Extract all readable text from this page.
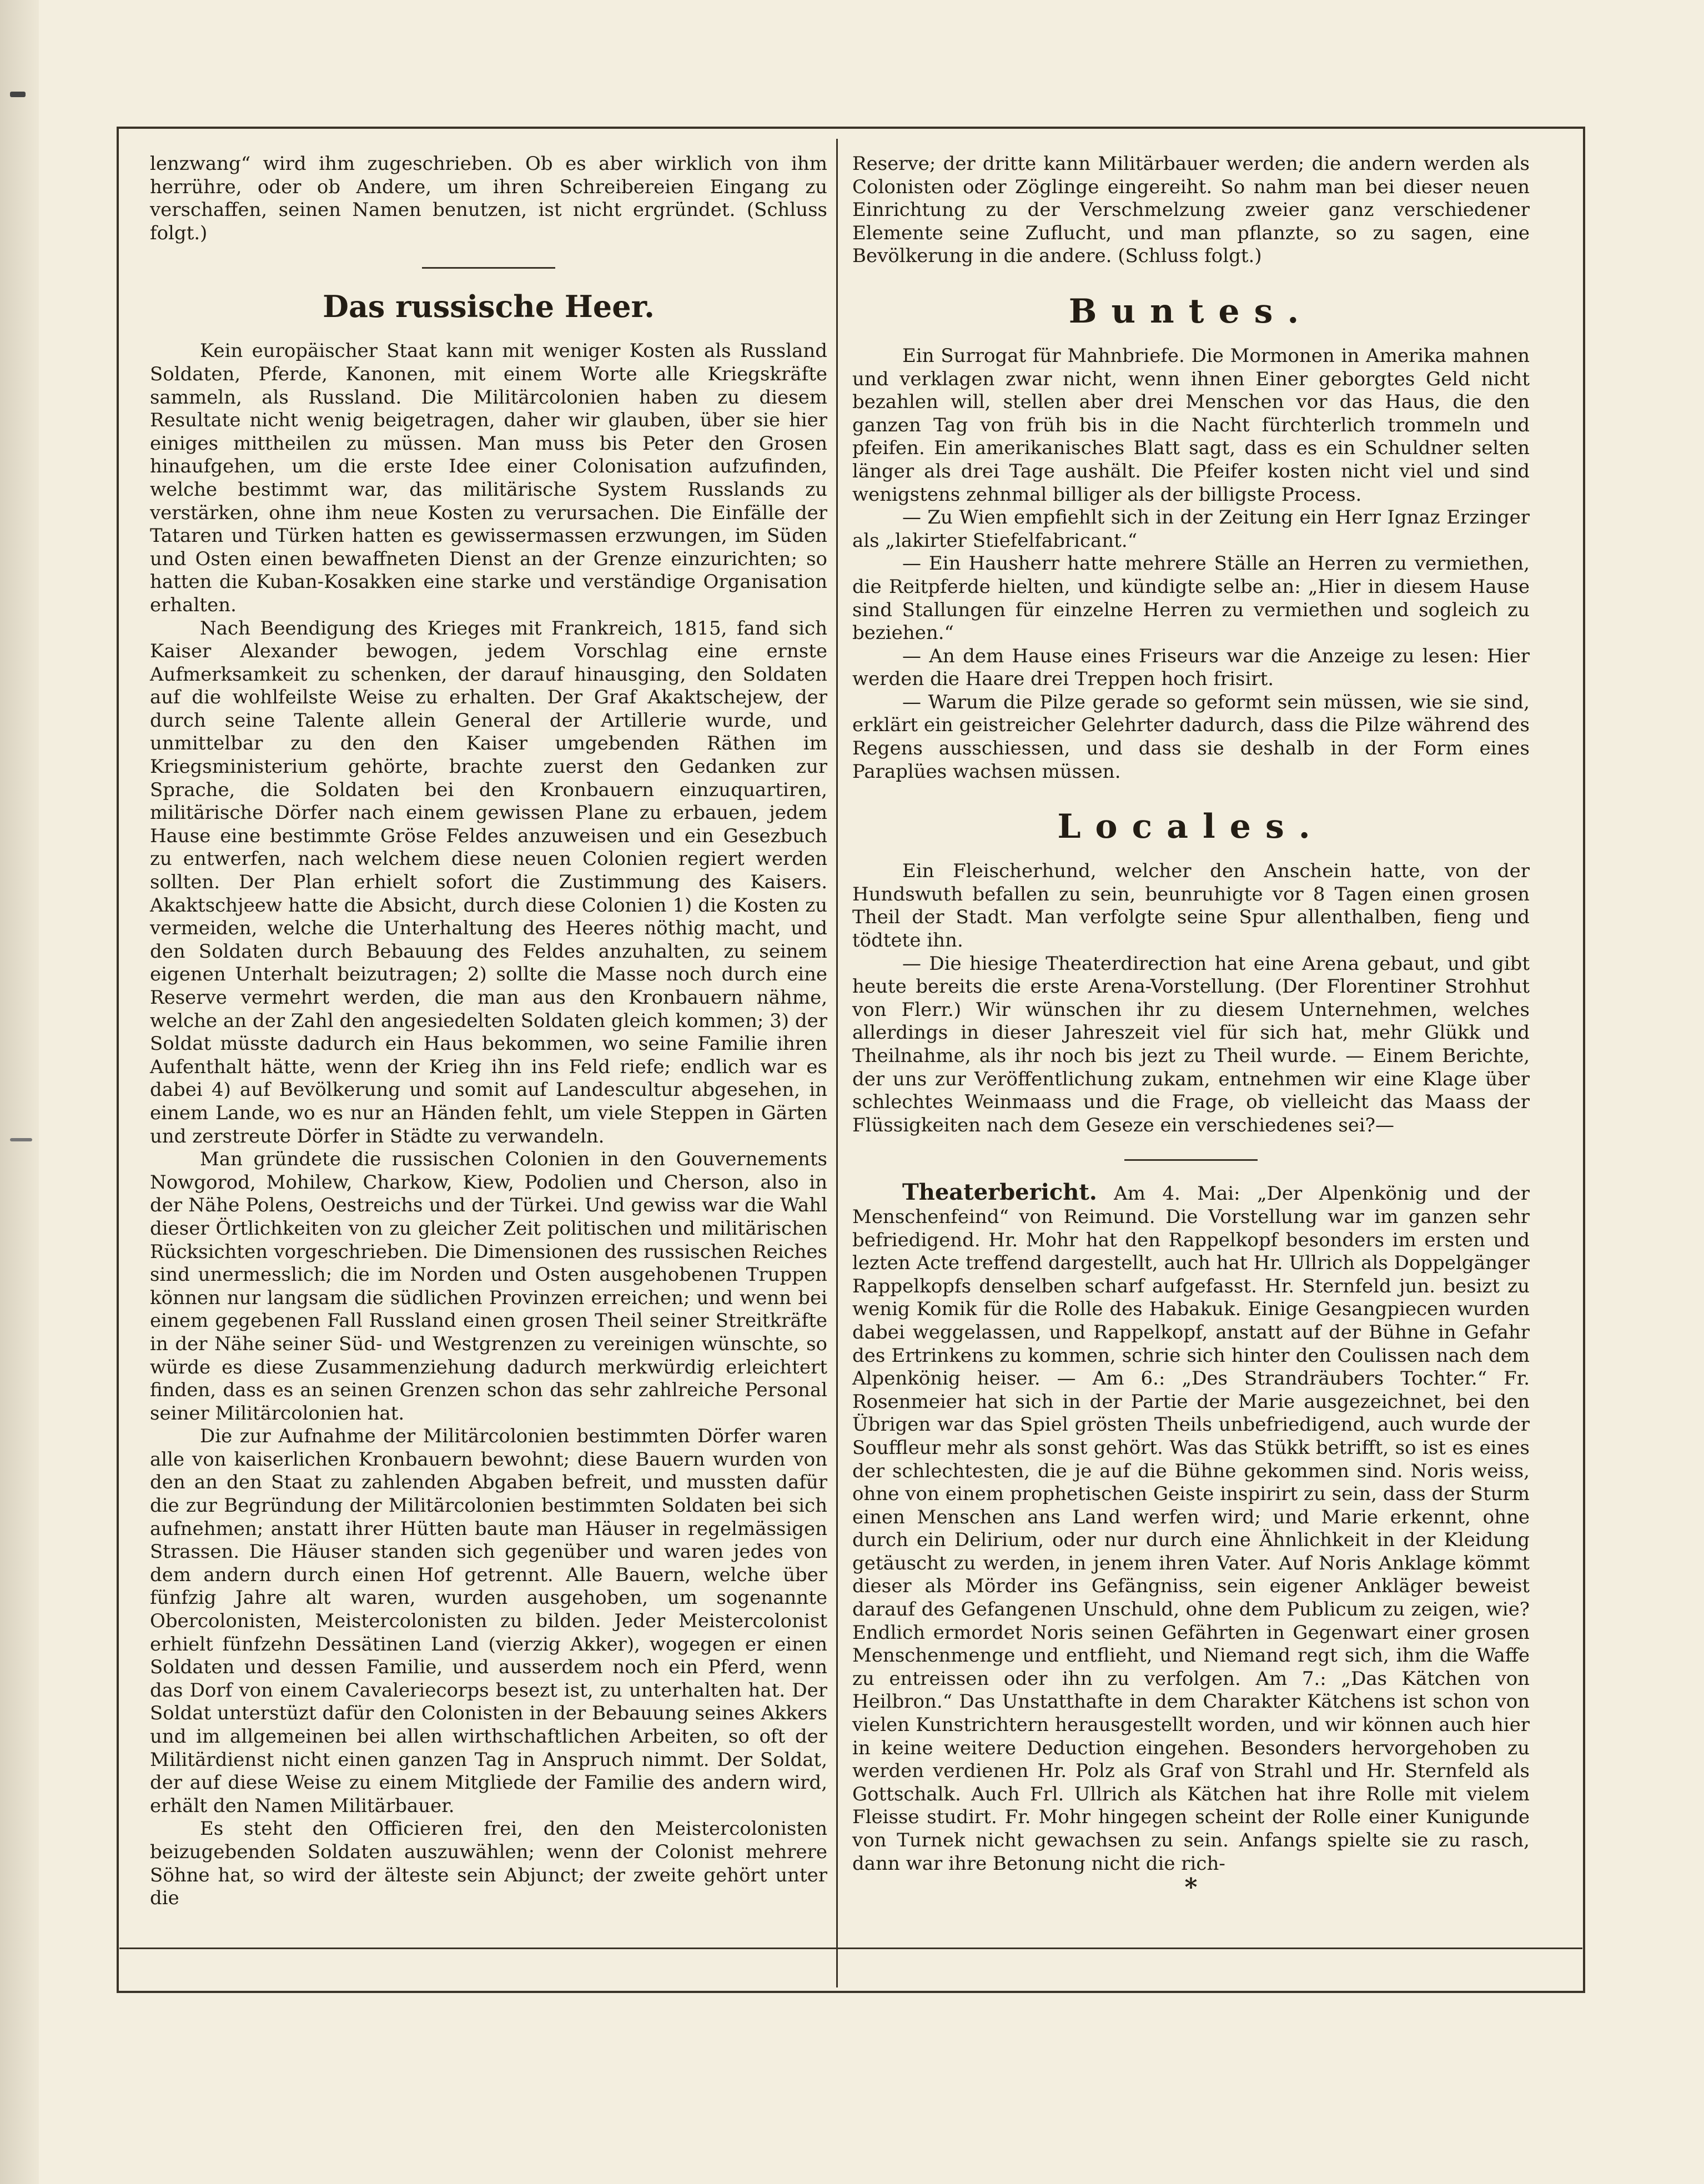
lenzwang“ wird ihm zugeschrieben. Ob es aber wirklich von ihm herrühre, oder ob Andere, um ihren Schreibereien Eingang zu verschaffen, seinen Namen benutzen, ist nicht ergründet. (Schluss folgt.)

Das russische Heer.

Kein europäischer Staat kann mit weniger Kosten als Russland Soldaten, Pferde, Kanonen, mit einem Worte alle Kriegskräfte sammeln, als Russland. Die Militärcolonien haben zu diesem Resultate nicht wenig beigetragen, daher wir glauben, über sie hier einiges mittheilen zu müssen. Man muss bis Peter den Grosen hinaufgehen, um die erste Idee einer Colonisation aufzufinden, welche bestimmt war, das militärische System Russlands zu verstärken, ohne ihm neue Kosten zu verursachen. Die Einfälle der Tataren und Türken hatten es gewissermassen erzwungen, im Süden und Osten einen bewaffneten Dienst an der Grenze einzurichten; so hatten die Kuban-Kosakken eine starke und verständige Organisation erhalten.

Nach Beendigung des Krieges mit Frankreich, 1815, fand sich Kaiser Alexander bewogen, jedem Vorschlag eine ernste Aufmerksamkeit zu schenken, der darauf hinausging, den Soldaten auf die wohlfeilste Weise zu erhalten. Der Graf Akaktschejew, der durch seine Talente allein General der Artillerie wurde, und unmittelbar zu den den Kaiser umgebenden Räthen im Kriegsministerium gehörte, brachte zuerst den Gedanken zur Sprache, die Soldaten bei den Kronbauern einzuquartiren, militärische Dörfer nach einem gewissen Plane zu erbauen, jedem Hause eine bestimmte Gröse Feldes anzuweisen und ein Gesezbuch zu entwerfen, nach welchem diese neuen Colonien regiert werden sollten. Der Plan erhielt sofort die Zustimmung des Kaisers. Akaktschjeew hatte die Absicht, durch diese Colonien 1) die Kosten zu vermeiden, welche die Unterhaltung des Heeres nöthig macht, und den Soldaten durch Bebauung des Feldes anzuhalten, zu seinem eigenen Unterhalt beizutragen; 2) sollte die Masse noch durch eine Reserve vermehrt werden, die man aus den Kronbauern nähme, welche an der Zahl den angesiedelten Soldaten gleich kommen; 3) der Soldat müsste dadurch ein Haus bekommen, wo seine Familie ihren Aufenthalt hätte, wenn der Krieg ihn ins Feld riefe; endlich war es dabei 4) auf Bevölkerung und somit auf Landescultur abgesehen, in einem Lande, wo es nur an Händen fehlt, um viele Steppen in Gärten und zerstreute Dörfer in Städte zu verwandeln.

Man gründete die russischen Colonien in den Gouvernements Nowgorod, Mohilew, Charkow, Kiew, Podolien und Cherson, also in der Nähe Polens, Oestreichs und der Türkei. Und gewiss war die Wahl dieser Örtlichkeiten von zu gleicher Zeit politischen und militärischen Rücksichten vorgeschrieben. Die Dimensionen des russischen Reiches sind unermesslich; die im Norden und Osten ausgehobenen Truppen können nur langsam die südlichen Provinzen erreichen; und wenn bei einem gegebenen Fall Russland einen grosen Theil seiner Streitkräfte in der Nähe seiner Süd- und Westgrenzen zu vereinigen wünschte, so würde es diese Zusammenziehung dadurch merkwürdig erleichtert finden, dass es an seinen Grenzen schon das sehr zahlreiche Personal seiner Militärcolonien hat.

Die zur Aufnahme der Militärcolonien bestimmten Dörfer waren alle von kaiserlichen Kronbauern bewohnt; diese Bauern wurden von den an den Staat zu zahlenden Abgaben befreit, und mussten dafür die zur Begründung der Militärcolonien bestimmten Soldaten bei sich aufnehmen; anstatt ihrer Hütten baute man Häuser in regelmässigen Strassen. Die Häuser standen sich gegenüber und waren jedes von dem andern durch einen Hof getrennt. Alle Bauern, welche über fünfzig Jahre alt waren, wurden ausgehoben, um sogenannte Obercolonisten, Meistercolonisten zu bilden. Jeder Meistercolonist erhielt fünfzehn Dessätinen Land (vierzig Akker), wogegen er einen Soldaten und dessen Familie, und ausserdem noch ein Pferd, wenn das Dorf von einem Cavaleriecorps besezt ist, zu unterhalten hat. Der Soldat unterstüzt dafür den Colonisten in der Bebauung seines Akkers und im allgemeinen bei allen wirthschaftlichen Arbeiten, so oft der Militärdienst nicht einen ganzen Tag in Anspruch nimmt. Der Soldat, der auf diese Weise zu einem Mitgliede der Familie des andern wird, erhält den Namen Militärbauer.

Es steht den Officieren frei, den den Meistercolonisten beizugebenden Soldaten auszuwählen; wenn der Colonist mehrere Söhne hat, so wird der älteste sein Abjunct; der zweite gehört unter die

Reserve; der dritte kann Militärbauer werden; die andern werden als Colonisten oder Zöglinge eingereiht. So nahm man bei dieser neuen Einrichtung zu der Verschmelzung zweier ganz verschiedener Elemente seine Zuflucht, und man pflanzte, so zu sagen, eine Bevölkerung in die andere. (Schluss folgt.)

Buntes.

Ein Surrogat für Mahnbriefe. Die Mormonen in Amerika mahnen und verklagen zwar nicht, wenn ihnen Einer geborgtes Geld nicht bezahlen will, stellen aber drei Menschen vor das Haus, die den ganzen Tag von früh bis in die Nacht fürchterlich trommeln und pfeifen. Ein amerikanisches Blatt sagt, dass es ein Schuldner selten länger als drei Tage aushält. Die Pfeifer kosten nicht viel und sind wenigstens zehnmal billiger als der billigste Process.

— Zu Wien empfiehlt sich in der Zeitung ein Herr Ignaz Erzinger als „lakirter Stiefelfabricant.“

— Ein Hausherr hatte mehrere Ställe an Herren zu vermiethen, die Reitpferde hielten, und kündigte selbe an: „Hier in diesem Hause sind Stallungen für einzelne Herren zu vermiethen und sogleich zu beziehen.“

— An dem Hause eines Friseurs war die Anzeige zu lesen: Hier werden die Haare drei Treppen hoch frisirt.

— Warum die Pilze gerade so geformt sein müssen, wie sie sind, erklärt ein geistreicher Gelehrter dadurch, dass die Pilze während des Regens ausschiessen, und dass sie deshalb in der Form eines Paraplües wachsen müssen.

Locales.

Ein Fleischerhund, welcher den Anschein hatte, von der Hundswuth befallen zu sein, beunruhigte vor 8 Tagen einen grosen Theil der Stadt. Man verfolgte seine Spur allenthalben, fieng und tödtete ihn.

— Die hiesige Theaterdirection hat eine Arena gebaut, und gibt heute bereits die erste Arena-Vorstellung. (Der Florentiner Strohhut von Flerr.) Wir wünschen ihr zu diesem Unternehmen, welches allerdings in dieser Jahreszeit viel für sich hat, mehr Glükk und Theilnahme, als ihr noch bis jezt zu Theil wurde. — Einem Berichte, der uns zur Veröffentlichung zukam, entnehmen wir eine Klage über schlechtes Weinmaass und die Frage, ob vielleicht das Maass der Flüssigkeiten nach dem Geseze ein verschiedenes sei?—

Theaterbericht. Am 4. Mai: „Der Alpenkönig und der Menschenfeind“ von Reimund. Die Vorstellung war im ganzen sehr befriedigend. Hr. Mohr hat den Rappelkopf besonders im ersten und lezten Acte treffend dargestellt, auch hat Hr. Ullrich als Doppelgänger Rappelkopfs denselben scharf aufgefasst. Hr. Sternfeld jun. besizt zu wenig Komik für die Rolle des Habakuk. Einige Gesangpiecen wurden dabei weggelassen, und Rappelkopf, anstatt auf der Bühne in Gefahr des Ertrinkens zu kommen, schrie sich hinter den Coulissen nach dem Alpenkönig heiser. — Am 6.: „Des Strandräubers Tochter.“ Fr. Rosenmeier hat sich in der Partie der Marie ausgezeichnet, bei den Übrigen war das Spiel grösten Theils unbefriedigend, auch wurde der Souffleur mehr als sonst gehört. Was das Stükk betrifft, so ist es eines der schlechtesten, die je auf die Bühne gekommen sind. Noris weiss, ohne von einem prophetischen Geiste inspirirt zu sein, dass der Sturm einen Menschen ans Land werfen wird; und Marie erkennt, ohne durch ein Delirium, oder nur durch eine Ähnlichkeit in der Kleidung getäuscht zu werden, in jenem ihren Vater. Auf Noris Anklage kömmt dieser als Mörder ins Gefängniss, sein eigener Ankläger beweist darauf des Gefangenen Unschuld, ohne dem Publicum zu zeigen, wie? Endlich ermordet Noris seinen Gefährten in Gegenwart einer grosen Menschenmenge und entflieht, und Niemand regt sich, ihm die Waffe zu entreissen oder ihn zu verfolgen. Am 7.: „Das Kätchen von Heilbron.“ Das Unstatthafte in dem Charakter Kätchens ist schon von vielen Kunstrichtern herausgestellt worden, und wir können auch hier in keine weitere Deduction eingehen. Besonders hervorgehoben zu werden verdienen Hr. Polz als Graf von Strahl und Hr. Sternfeld als Gottschalk. Auch Frl. Ullrich als Kätchen hat ihre Rolle mit vielem Fleisse studirt. Fr. Mohr hingegen scheint der Rolle einer Kunigunde von Turnek nicht gewachsen zu sein. Anfangs spielte sie zu rasch, dann war ihre Betonung nicht die rich-

*
